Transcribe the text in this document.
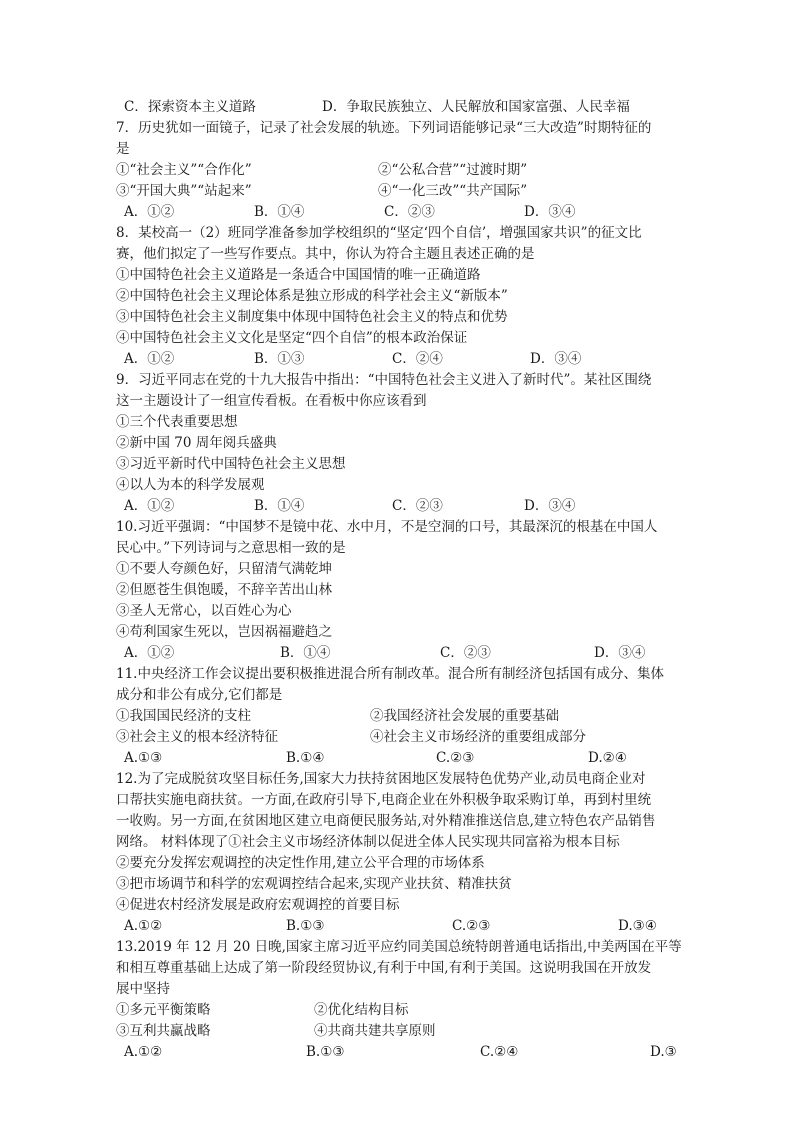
C．探索资本主义道路	D．争取民族独立、人民解放和国家富强、人民幸福
7．历史犹如一面镜子，记录了社会发展的轨迹。下列词语能够记录“三大改造”时期特征的
是
①“社会主义”“合作化”	②“公私合营”“过渡时期”
③“开国大典”“站起来”	④“一化三改”“共产国际”
A．①②	B．①④	C．②③	D．③④
8．某校高一（2）班同学准备参加学校组织的“坚定‘四个自信’，增强国家共识”的征文比
赛，他们拟定了一些写作要点。其中，你认为符合主题且表述正确的是
①中国特色社会主义道路是一条适合中国国情的唯一正确道路
②中国特色社会主义理论体系是独立形成的科学社会主义“新版本”
③中国特色社会主义制度集中体现中国特色社会主义的特点和优势
④中国特色社会主义文化是坚定“四个自信”的根本政治保证
A．①②	B．①③	C．②④	D．③④
9．习近平同志在党的十九大报告中指出：“中国特色社会主义进入了新时代”。某社区围绕
这一主题设计了一组宣传看板。在看板中你应该看到
①三个代表重要思想
②新中国 70 周年阅兵盛典
③习近平新时代中国特色社会主义思想
④以人为本的科学发展观
A．①②	B．①④	C．②③	D．③④
10.习近平强调：“中国梦不是镜中花、水中月，不是空洞的口号，其最深沉的根基在中国人
民心中。”下列诗词与之意思相一致的是
①不要人夸颜色好，只留清气满乾坤
②但愿苍生俱饱暖，不辞辛苦出山林
③圣人无常心，以百姓心为心
④苟利国家生死以，岂因祸福避趋之
A．①②	B．①④	C．②③	D．③④
11.中央经济工作会议提出要积极推进混合所有制改革。混合所有制经济包括国有成分、集体
成分和非公有成分,它们都是
①我国国民经济的支柱	②我国经济社会发展的重要基础
③社会主义的根本经济特征	④社会主义市场经济的重要组成部分
A.①③	B.①④	C.②③	D.②④
12.为了完成脱贫攻坚目标任务,国家大力扶持贫困地区发展特色优势产业,动员电商企业对
口帮扶实施电商扶贫。一方面,在政府引导下,电商企业在外积极争取采购订单，再到村里统
一收购。另一方面,在贫困地区建立电商便民服务站,对外精准推送信息,建立特色农产品销售
网络。 材料体现了①社会主义市场经济体制以促进全体人民实现共同富裕为根本目标
②要充分发挥宏观调控的决定性作用,建立公平合理的市场体系
③把市场调节和科学的宏观调控结合起来,实现产业扶贫、精准扶贫
④促进农村经济发展是政府宏观调控的首要目标
A.①②	B.①③	C.②③	D.③④
13.2019 年 12 月 20 日晚,国家主席习近平应约同美国总统特朗普通电话指出,中美两国在平等
和相互尊重基础上达成了第一阶段经贸协议,有利于中国,有利于美国。这说明我国在开放发
展中坚持
①多元平衡策略	②优化结构目标
③互利共赢战略	④共商共建共享原则
A.①②	B.①③	C.②④	D.③
